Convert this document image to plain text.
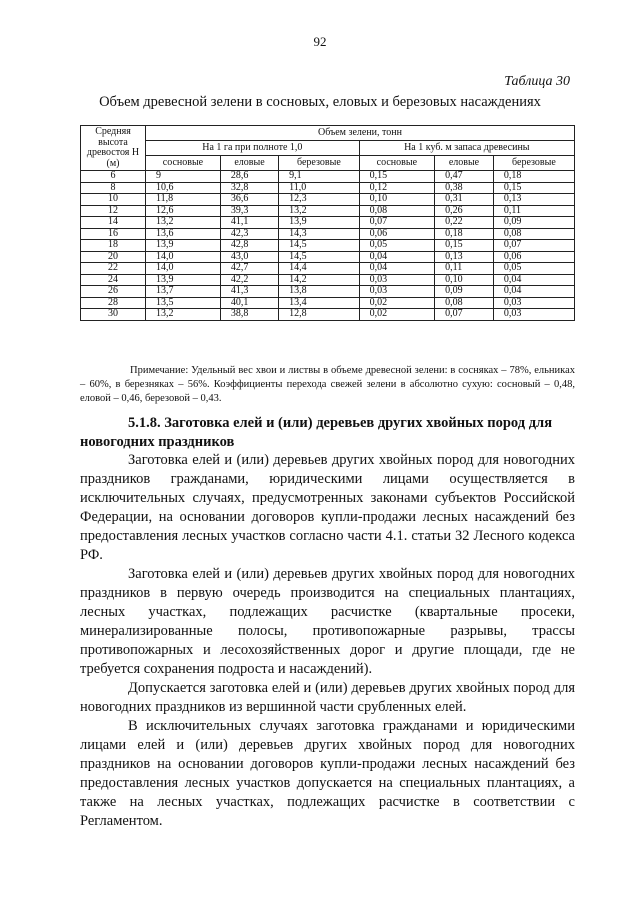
92
Таблица 30
Объем древесной зелени в сосновых, еловых и березовых насаждениях
Средняя высота древостоя Н (м)	Объем зелени, тонн					
	На 1 га при полноте 1,0			На 1 куб. м запаса древесины		
	сосновые	еловые	березовые	сосновые	еловые	березовые
6	9	28,6	9,1	0,15	0,47	0,18
8	10,6	32,8	11,0	0,12	0,38	0,15
10	11,8	36,6	12,3	0,10	0,31	0,13
12	12,6	39,3	13,2	0,08	0,26	0,11
14	13,2	41,1	13,9	0,07	0,22	0,09
16	13,6	42,3	14,3	0,06	0,18	0,08
18	13,9	42,8	14,5	0,05	0,15	0,07
20	14,0	43,0	14,5	0,04	0,13	0,06
22	14,0	42,7	14,4	0,04	0,11	0,05
24	13,9	42,2	14,2	0,03	0,10	0,04
26	13,7	41,3	13,8	0,03	0,09	0,04
28	13,5	40,1	13,4	0,02	0,08	0,03
30	13,2	38,8	12,8	0,02	0,07	0,03
Примечание: Удельный вес хвои и листвы в объеме древесной зелени: в сосняках – 78%, ельниках – 60%, в березняках – 56%. Коэффициенты перехода свежей зелени в абсолютно сухую: сосновый – 0,48, еловой – 0,46, березовой – 0,43.
5.1.8. Заготовка елей и (или) деревьев других хвойных пород для новогодних праздников

Заготовка елей и (или) деревьев других хвойных пород для новогодних праздников гражданами, юридическими лицами осуществляется в исключительных случаях, предусмотренных законами субъектов Российской Федерации, на основании договоров купли-продажи лесных насаждений без предоставления лесных участков согласно части 4.1. статьи 32 Лесного кодекса РФ.

Заготовка елей и (или) деревьев других хвойных пород для новогодних праздников в первую очередь производится на специальных плантациях, лесных участках, подлежащих расчистке (квартальные просеки, минерализированные полосы, противопожарные разрывы, трассы противопожарных и лесохозяйственных дорог и другие площади, где не требуется сохранения подроста и насаждений).

Допускается заготовка елей и (или) деревьев других хвойных пород для новогодних праздников из вершинной части срубленных елей.

В исключительных случаях заготовка гражданами и юридическими лицами елей и (или) деревьев других хвойных пород для новогодних праздников на основании договоров купли-продажи лесных насаждений без предоставления лесных участков допускается на специальных плантациях, а также на лесных участках, подлежащих расчистке в соответствии с Регламентом.
